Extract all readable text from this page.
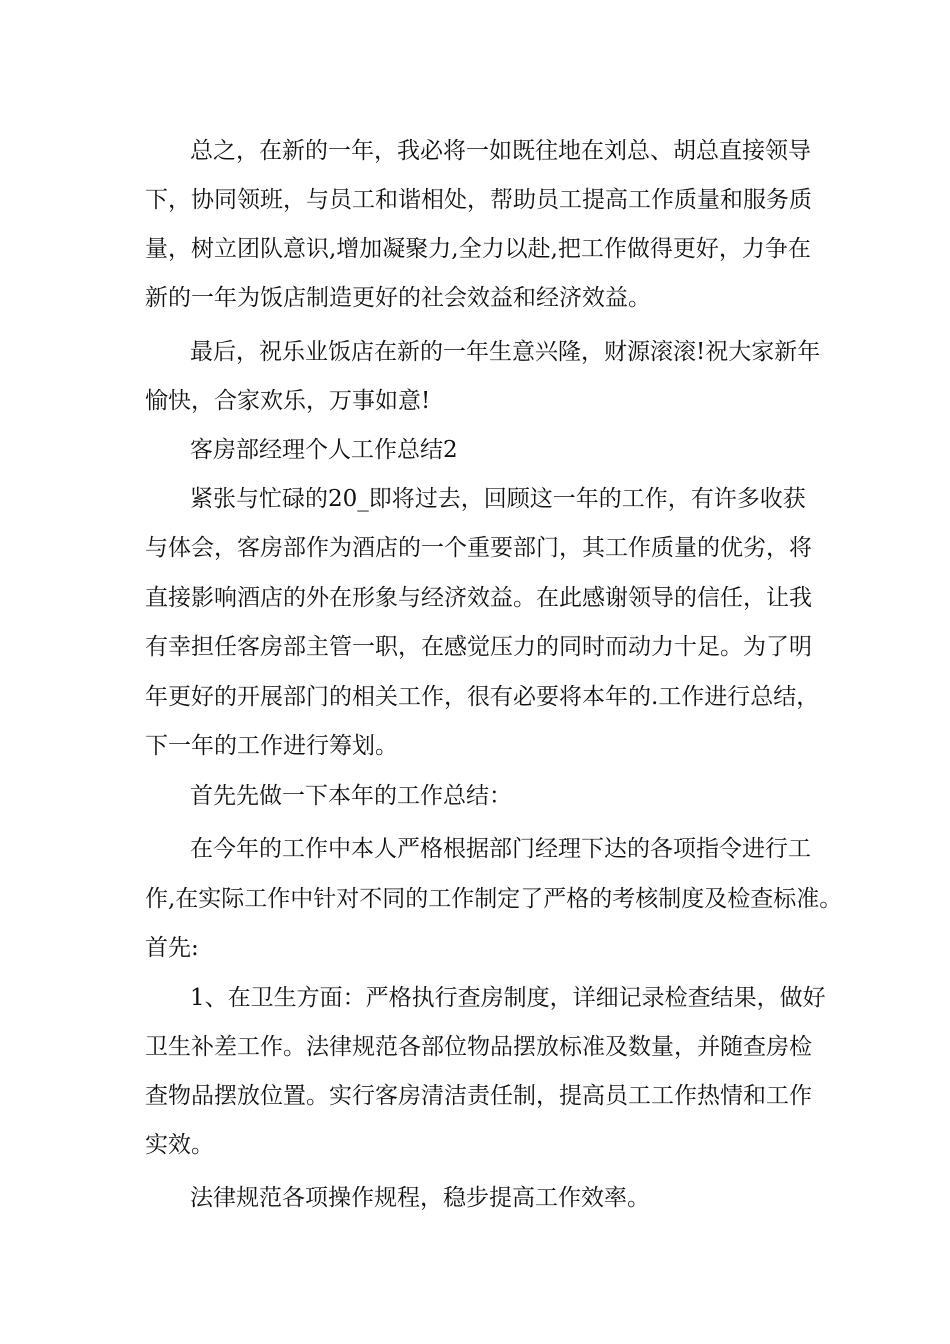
总之，在新的一年，我必将一如既往地在刘总、胡总直接领导

下，协同领班，与员工和谐相处，帮助员工提高工作质量和服务质

量，树立团队意识,增加凝聚力,全力以赴,把工作做得更好，力争在

新的一年为饭店制造更好的社会效益和经济效益。

最后，祝乐业饭店在新的一年生意兴隆，财源滚滚!祝大家新年

愉快，合家欢乐，万事如意!

客房部经理个人工作总结2

紧张与忙碌的20_即将过去，回顾这一年的工作，有许多收获

与体会，客房部作为酒店的一个重要部门，其工作质量的优劣，将

直接影响酒店的外在形象与经济效益。在此感谢领导的信任，让我

有幸担任客房部主管一职，在感觉压力的同时而动力十足。为了明

年更好的开展部门的相关工作，很有必要将本年的.工作进行总结，

下一年的工作进行筹划。

首先先做一下本年的工作总结：

在今年的工作中本人严格根据部门经理下达的各项指令进行工

作,在实际工作中针对不同的工作制定了严格的考核制度及检查标准。

首先:

1、在卫生方面：严格执行查房制度，详细记录检查结果，做好

卫生补差工作。法律规范各部位物品摆放标准及数量，并随查房检

查物品摆放位置。实行客房清洁责任制，提高员工工作热情和工作

实效。

法律规范各项操作规程，稳步提高工作效率。
